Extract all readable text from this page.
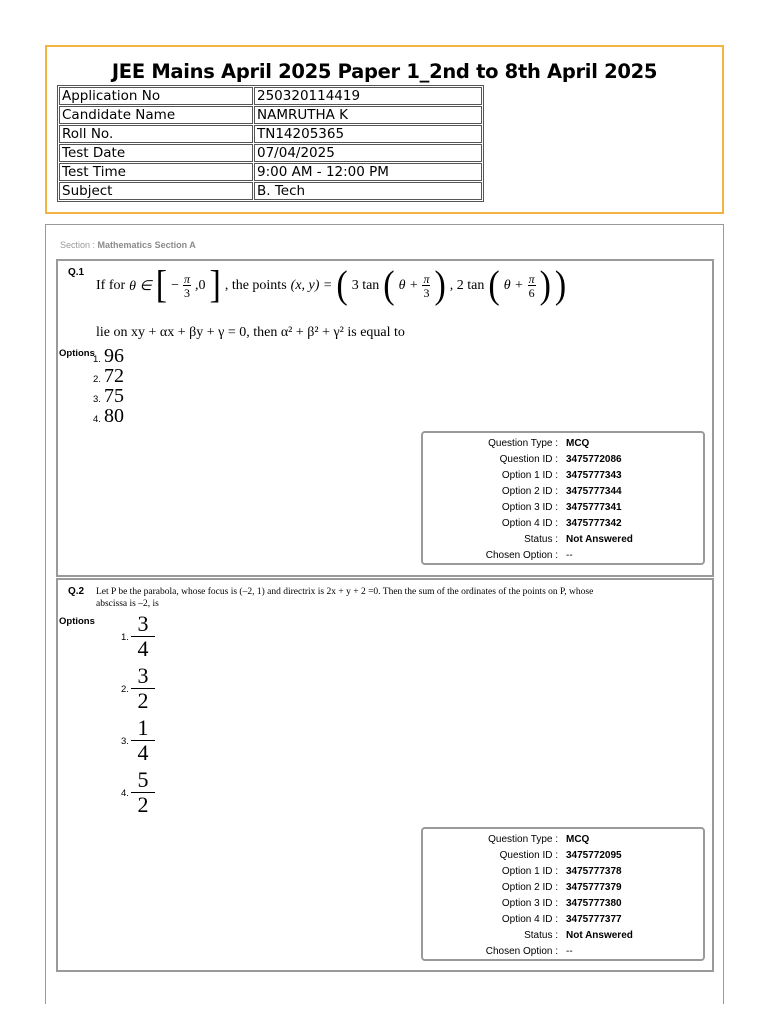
JEE Mains April 2025 Paper 1_2nd to 8th April 2025
Application No	250320114419
Candidate Name	NAMRUTHA K
Roll No.	TN14205365
Test Date	07/04/2025
Test Time	9:00 AM - 12:00 PM
Subject	B. Tech
Section : Mathematics Section A
Q.1
If for θ ∈ [ − $\frac{\pi}{3} ,0$ ] , the points (x, y) = ( 3 tan ( $\theta + \frac{\pi}{3}$ ) , 2 tan ( $\theta + \frac{\pi}{6}$ ) )
lie on xy + αx + βy + γ = 0, then α² + β² + γ² is equal to
Options
1. 96
2. 72
3. 75
4. 80
Question Type : MCQ
Question ID : 3475772086
Option 1 ID : 3475777343
Option 2 ID : 3475777344
Option 3 ID : 3475777341
Option 4 ID : 3475777342
Status : Not Answered
Chosen Option : --
Q.2 Let P be the parabola, whose focus is (–2, 1) and directrix is 2x + y + 2 =0. Then the sum of the ordinates of the points on P, whose abscissa is –2, is
Options
1.
3
4
2.
3
2
3.
1
4
4.
5
2
Question Type : MCQ
Question ID : 3475772095
Option 1 ID : 3475777378
Option 2 ID : 3475777379
Option 3 ID : 3475777380
Option 4 ID : 3475777377
Status : Not Answered
Chosen Option : --
